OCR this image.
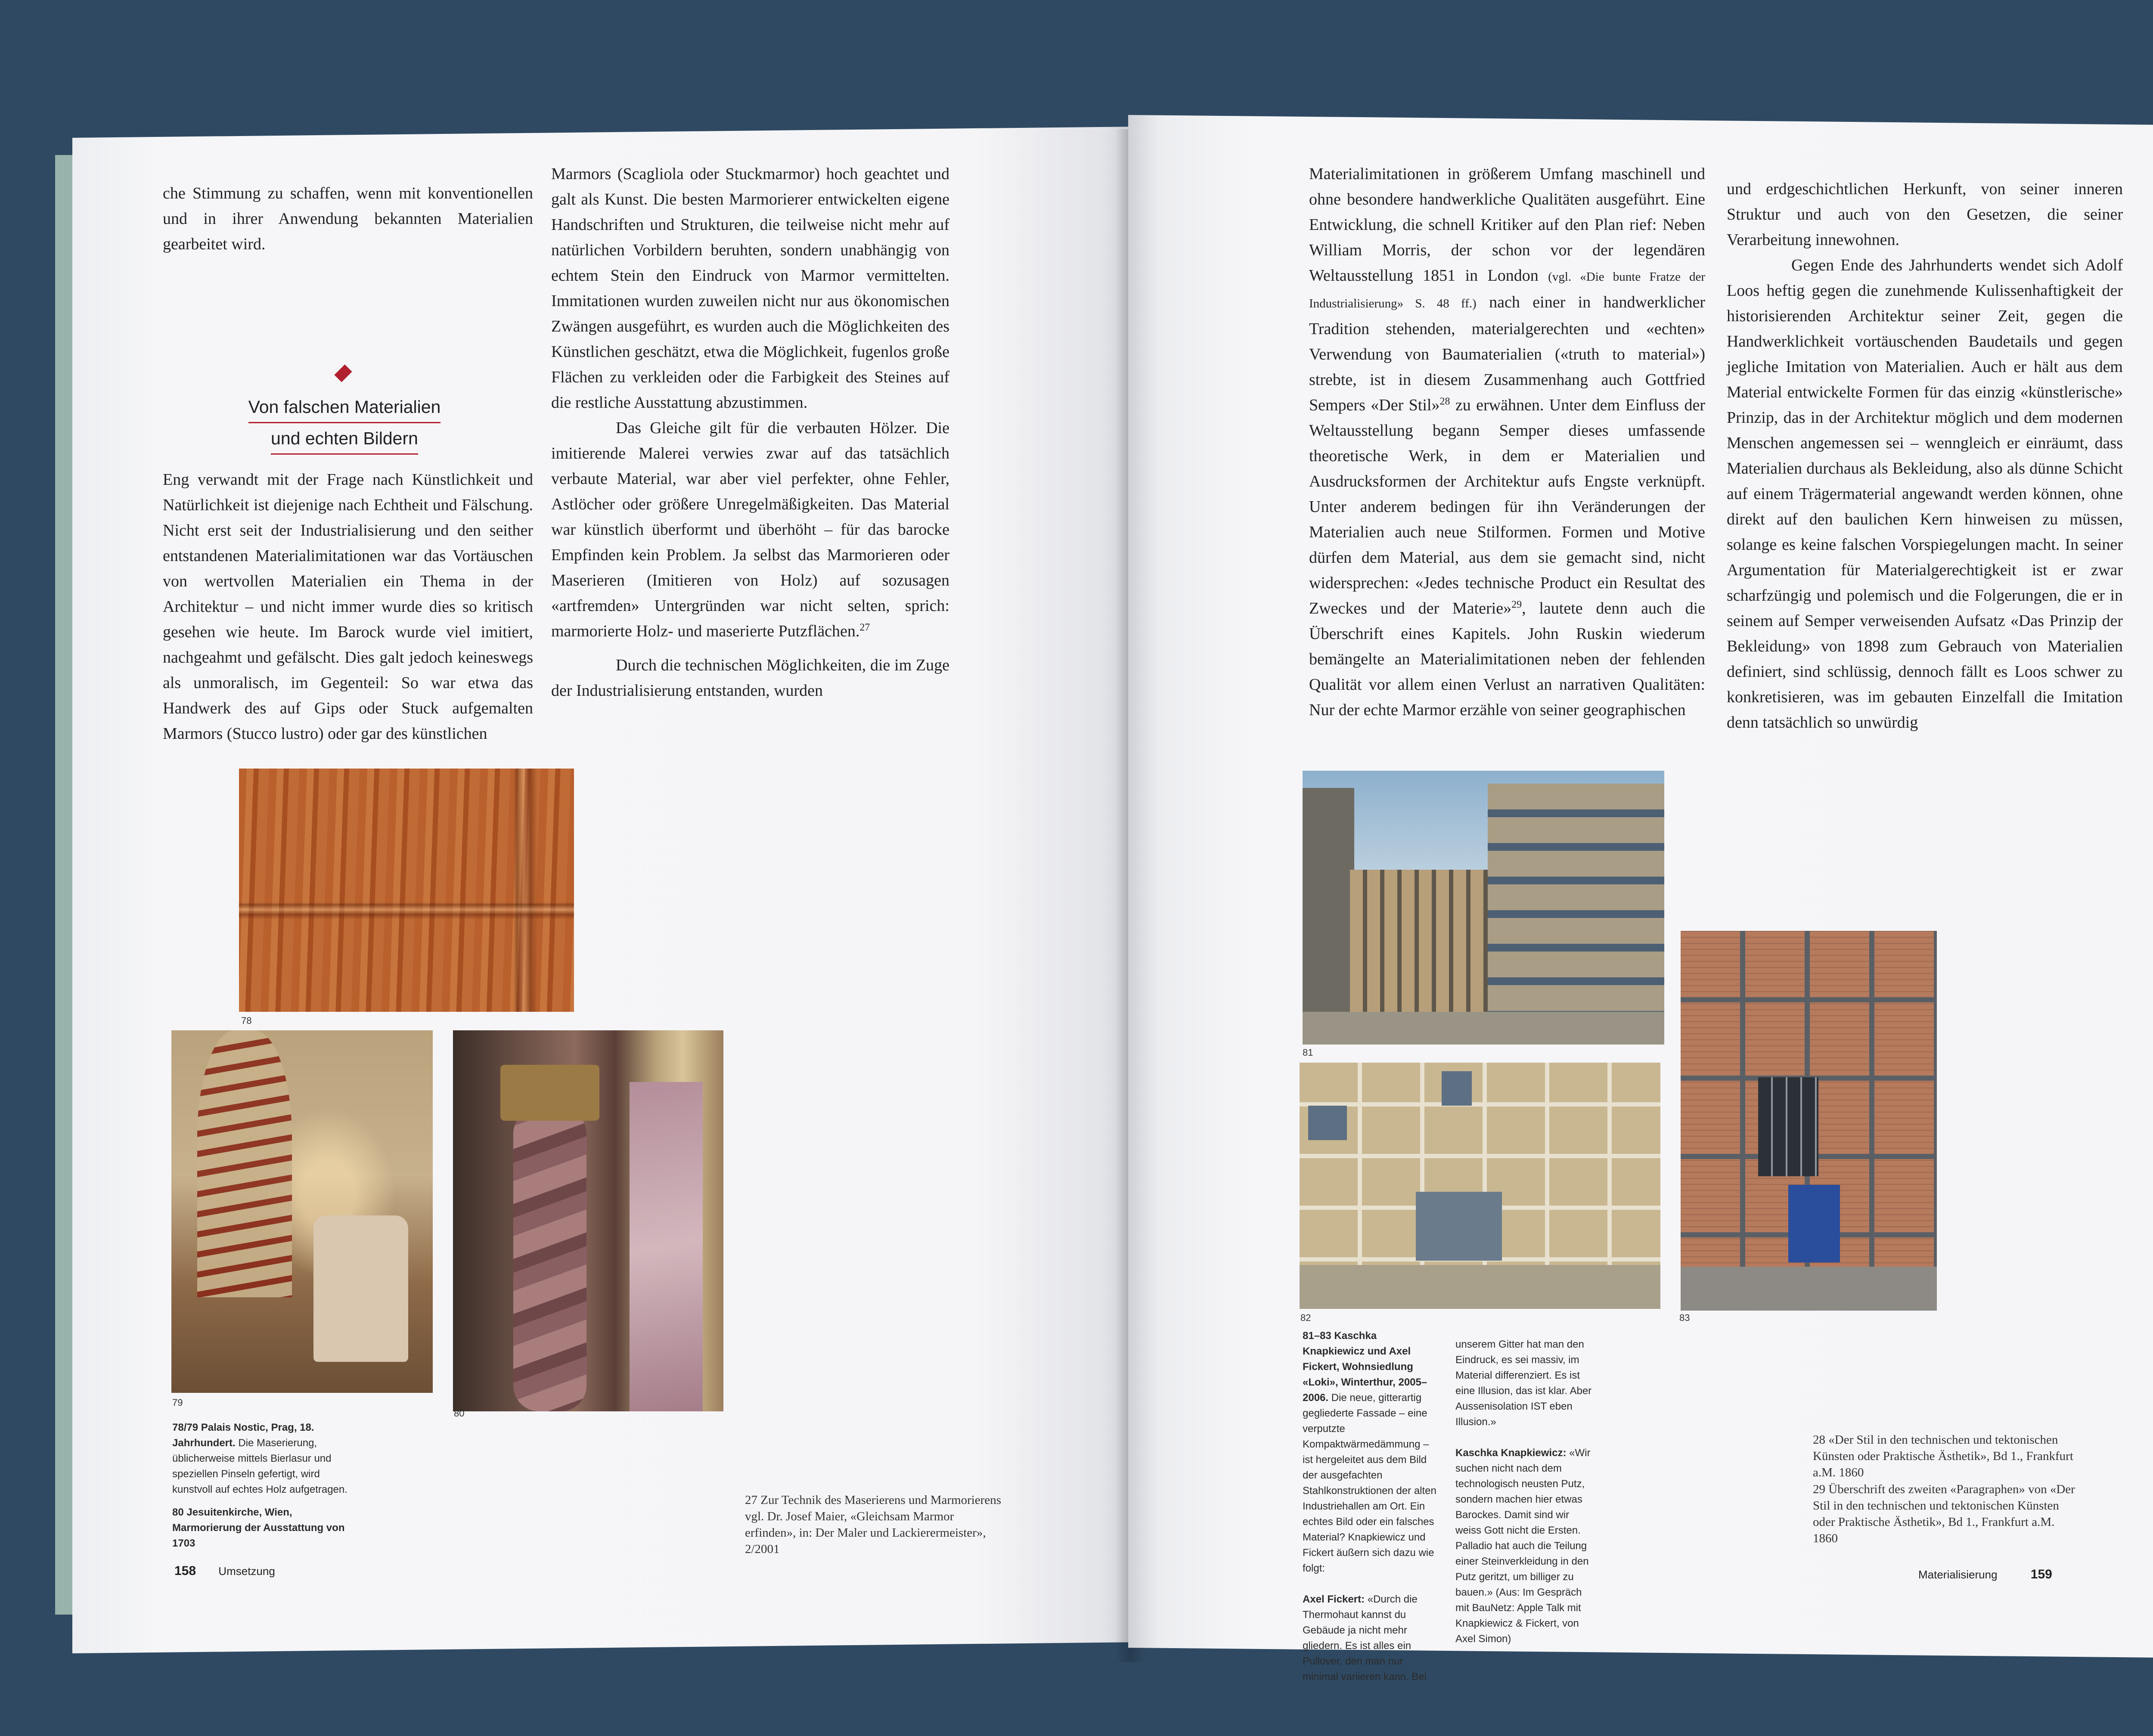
che Stimmung zu schaffen, wenn mit konventionellen und in ihrer Anwendung bekannten Materialien gearbeitet wird.

Von falschen Materialien
und echten Bildern

Eng verwandt mit der Frage nach Künstlichkeit und Natürlichkeit ist diejenige nach Echtheit und Fälschung. Nicht erst seit der Industrialisierung und den seither entstandenen Materialimitationen war das Vortäuschen von wertvollen Materialien ein Thema in der Architektur – und nicht immer wurde dies so kritisch gesehen wie heute. Im Barock wurde viel imitiert, nachgeahmt und gefälscht. Dies galt jedoch keineswegs als unmoralisch, im Gegenteil: So war etwa das Handwerk des auf Gips oder Stuck aufgemalten Marmors (Stucco lustro) oder gar des künstlichen

Marmors (Scagliola oder Stuckmarmor) hoch geachtet und galt als Kunst. Die besten Marmorierer entwickelten eigene Handschriften und Strukturen, die teilweise nicht mehr auf natürlichen Vorbildern beruhten, sondern unabhängig von echtem Stein den Eindruck von Marmor vermittelten. Immitationen wurden zuweilen nicht nur aus ökonomischen Zwängen ausgeführt, es wurden auch die Möglichkeiten des Künstlichen geschätzt, etwa die Möglichkeit, fugenlos große Flächen zu verkleiden oder die Farbigkeit des Steines auf die restliche Ausstattung abzustimmen.

Das Gleiche gilt für die verbauten Hölzer. Die imitierende Malerei verwies zwar auf das tatsächlich verbaute Material, war aber viel perfekter, ohne Fehler, Astlöcher oder größere Unregelmäßigkeiten. Das Material war künstlich überformt und überhöht – für das barocke Empfinden kein Problem. Ja selbst das Marmorieren oder Maserieren (Imitieren von Holz) auf sozusagen «artfremden» Untergründen war nicht selten, sprich: marmorierte Holz- und maserierte Putzflächen.$^{27}$

Durch die technischen Möglichkeiten, die im Zuge der Industrialisierung entstanden, wurden

78
79
80
78/79 Palais Nostic, Prag, 18. Jahrhundert. Die Maserierung, üblicherweise mittels Bierlasur und speziellen Pinseln gefertigt, wird kunstvoll auf echtes Holz aufgetragen.
80 Jesuitenkirche, Wien, Marmorierung der Ausstattung von 1703
27 Zur Technik des Maserierens und Marmorierens vgl. Dr. Josef Maier, «Gleichsam Marmor erfinden», in: Der Maler und Lackierermeister», 2/2001
158 Umsetzung

Materialimitationen in größerem Umfang maschinell und ohne besondere handwerkliche Qualitäten ausgeführt. Eine Entwicklung, die schnell Kritiker auf den Plan rief: Neben William Morris, der schon vor der legendären Weltausstellung 1851 in London (vgl. «Die bunte Fratze der Industrialisierung» S. 48 ff.) nach einer in handwerklicher Tradition stehenden, materialgerechten und «echten» Verwendung von Baumaterialien («truth to material») strebte, ist in diesem Zusammenhang auch Gottfried Sempers «Der Stil»$^{28}$ zu erwähnen. Unter dem Einfluss der Weltausstellung begann Semper dieses umfassende theoretische Werk, in dem er Materialien und Ausdrucksformen der Architektur aufs Engste verknüpft. Unter anderem bedingen für ihn Veränderungen der Materialien auch neue Stilformen. Formen und Motive dürfen dem Material, aus dem sie gemacht sind, nicht widersprechen: «Jedes technische Product ein Resultat des Zweckes und der Materie»$^{29}$, lautete denn auch die Überschrift eines Kapitels. John Ruskin wiederum bemängelte an Materialimitationen neben der fehlenden Qualität vor allem einen Verlust an narrativen Qualitäten: Nur der echte Marmor erzähle von seiner geographischen

und erdgeschichtlichen Herkunft, von seiner inneren Struktur und auch von den Gesetzen, die seiner Verarbeitung innewohnen.

Gegen Ende des Jahrhunderts wendet sich Adolf Loos heftig gegen die zunehmende Kulissenhaftigkeit der historisierenden Architektur seiner Zeit, gegen die Handwerklichkeit vortäuschenden Baudetails und gegen jegliche Imitation von Materialien. Auch er hält aus dem Material entwickelte Formen für das einzig «künstlerische» Prinzip, das in der Architektur möglich und dem modernen Menschen angemessen sei – wenngleich er einräumt, dass Materialien durchaus als Bekleidung, also als dünne Schicht auf einem Trägermaterial angewandt werden können, ohne direkt auf den baulichen Kern hinweisen zu müssen, solange es keine falschen Vorspiegelungen macht. In seiner Argumentation für Materialgerechtigkeit ist er zwar scharfzüngig und polemisch und die Folgerungen, die er in seinem auf Semper verweisenden Aufsatz «Das Prinzip der Bekleidung» von 1898 zum Gebrauch von Materialien definiert, sind schlüssig, dennoch fällt es Loos schwer zu konkretisieren, was im gebauten Einzelfall die Imitation denn tatsächlich so unwürdig

81
82	83
81–83 Kaschka Knapkiewicz und Axel Fickert, Wohnsiedlung «Loki», Winterthur, 2005–2006. Die neue, gitterartig gegliederte Fassade – eine verputzte Kompaktwärmedämmung – ist hergeleitet aus dem Bild der ausgefachten Stahlkonstruktionen der alten Industriehallen am Ort. Ein echtes Bild oder ein falsches Material? Knapkiewicz und Fickert äußern sich dazu wie folgt:

Axel Fickert: «Durch die Thermohaut kannst du Gebäude ja nicht mehr gliedern. Es ist alles ein Pullover, den man nur minimal variieren kann. Bei
unserem Gitter hat man den Eindruck, es sei massiv, im Material differenziert. Es ist eine Illusion, das ist klar. Aber Aussenisolation IST eben Illusion.»

Kaschka Knapkiewicz: «Wir suchen nicht nach dem technologisch neusten Putz, sondern machen hier etwas Barockes. Damit sind wir weiss Gott nicht die Ersten. Palladio hat auch die Teilung einer Steinverkleidung in den Putz geritzt, um billiger zu bauen.» (Aus: Im Gespräch mit BauNetz: Apple Talk mit Knapkiewicz & Fickert, von Axel Simon)
28 «Der Stil in den technischen und tektonischen Künsten oder Praktische Ästhetik», Bd 1., Frankfurt a.M. 1860
29 Überschrift des zweiten «Paragraphen» von «Der Stil in den technischen und tektonischen Künsten oder Praktische Ästhetik», Bd 1., Frankfurt a.M. 1860
Materialisierung	159
